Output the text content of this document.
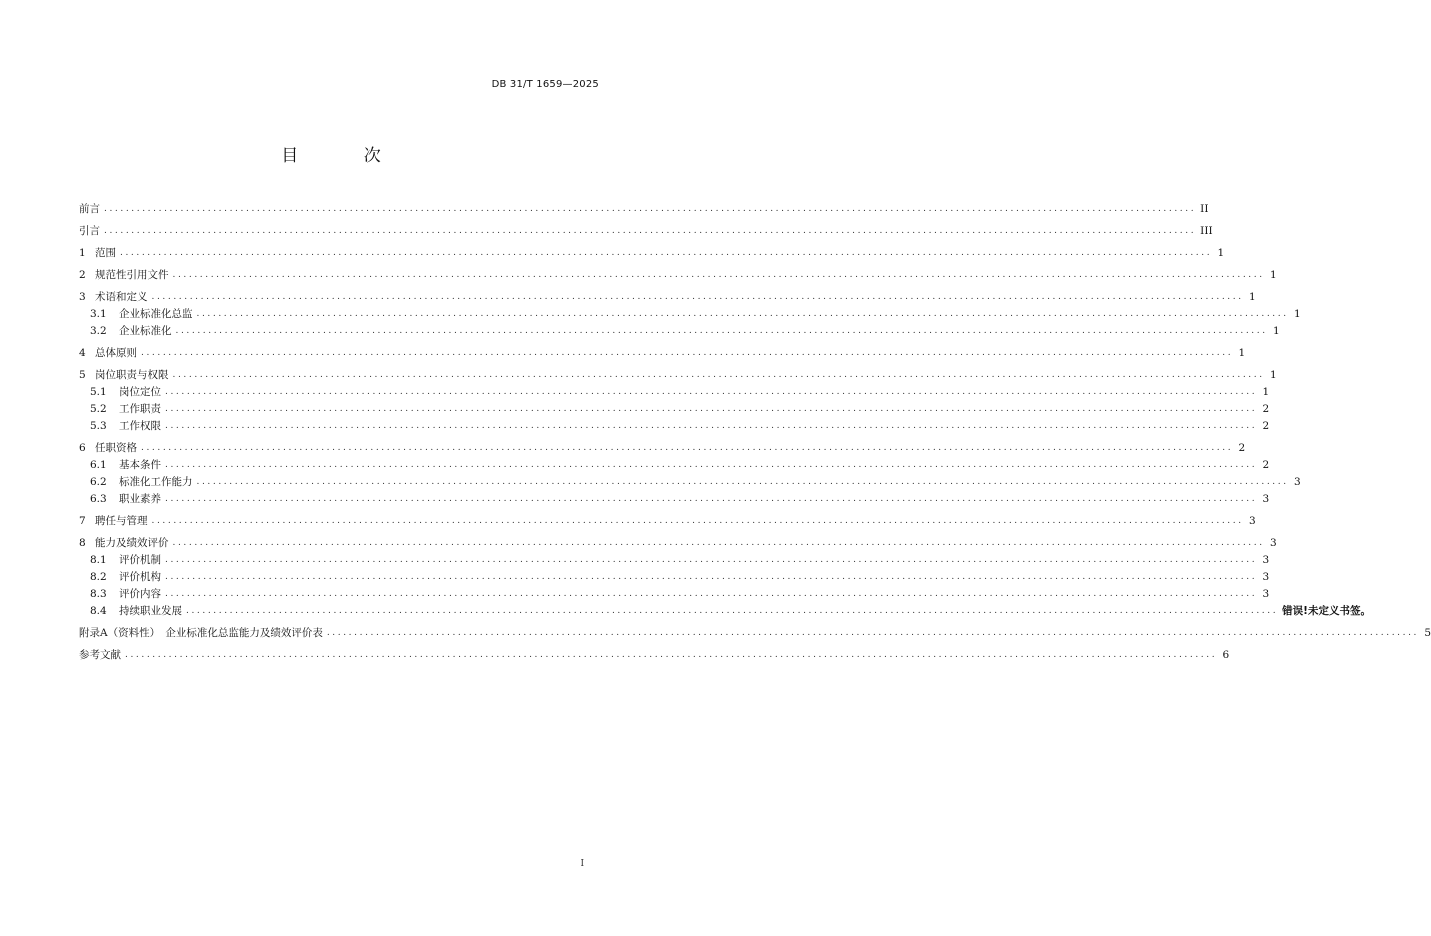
DB 31/T 1659—2025
目 次
前言 ........................................................................................................................................................................................................ II
引言 ........................................................................................................................................................................................................ III
1 范围 ........................................................................................................................................................................................................ 1
2 规范性引用文件 ........................................................................................................................................................................................................ 1
3 术语和定义 ........................................................................................................................................................................................................ 1
3.1	企业标准化总监 ........................................................................................................................................................................................................ 1
3.2	企业标准化 ........................................................................................................................................................................................................ 1
4 总体原则 ........................................................................................................................................................................................................ 1
5 岗位职责与权限 ........................................................................................................................................................................................................ 1
5.1	岗位定位 ........................................................................................................................................................................................................ 1
5.2	工作职责 ........................................................................................................................................................................................................ 2
5.3	工作权限 ........................................................................................................................................................................................................ 2
6 任职资格 ........................................................................................................................................................................................................ 2
6.1	基本条件 ........................................................................................................................................................................................................ 2
6.2	标准化工作能力 ........................................................................................................................................................................................................ 3
6.3	职业素养 ........................................................................................................................................................................................................ 3
7 聘任与管理 ........................................................................................................................................................................................................ 3
8 能力及绩效评价 ........................................................................................................................................................................................................ 3
8.1	评价机制 ........................................................................................................................................................................................................ 3
8.2	评价机构 ........................................................................................................................................................................................................ 3
8.3	评价内容 ........................................................................................................................................................................................................ 3
8.4	持续职业发展 ........................................................................................................................................................................................................ 错误!未定义书签。
附录A（资料性）　企业标准化总监能力及绩效评价表 ........................................................................................................................................................................................................ 5
参考文献 ........................................................................................................................................................................................................ 6
I
